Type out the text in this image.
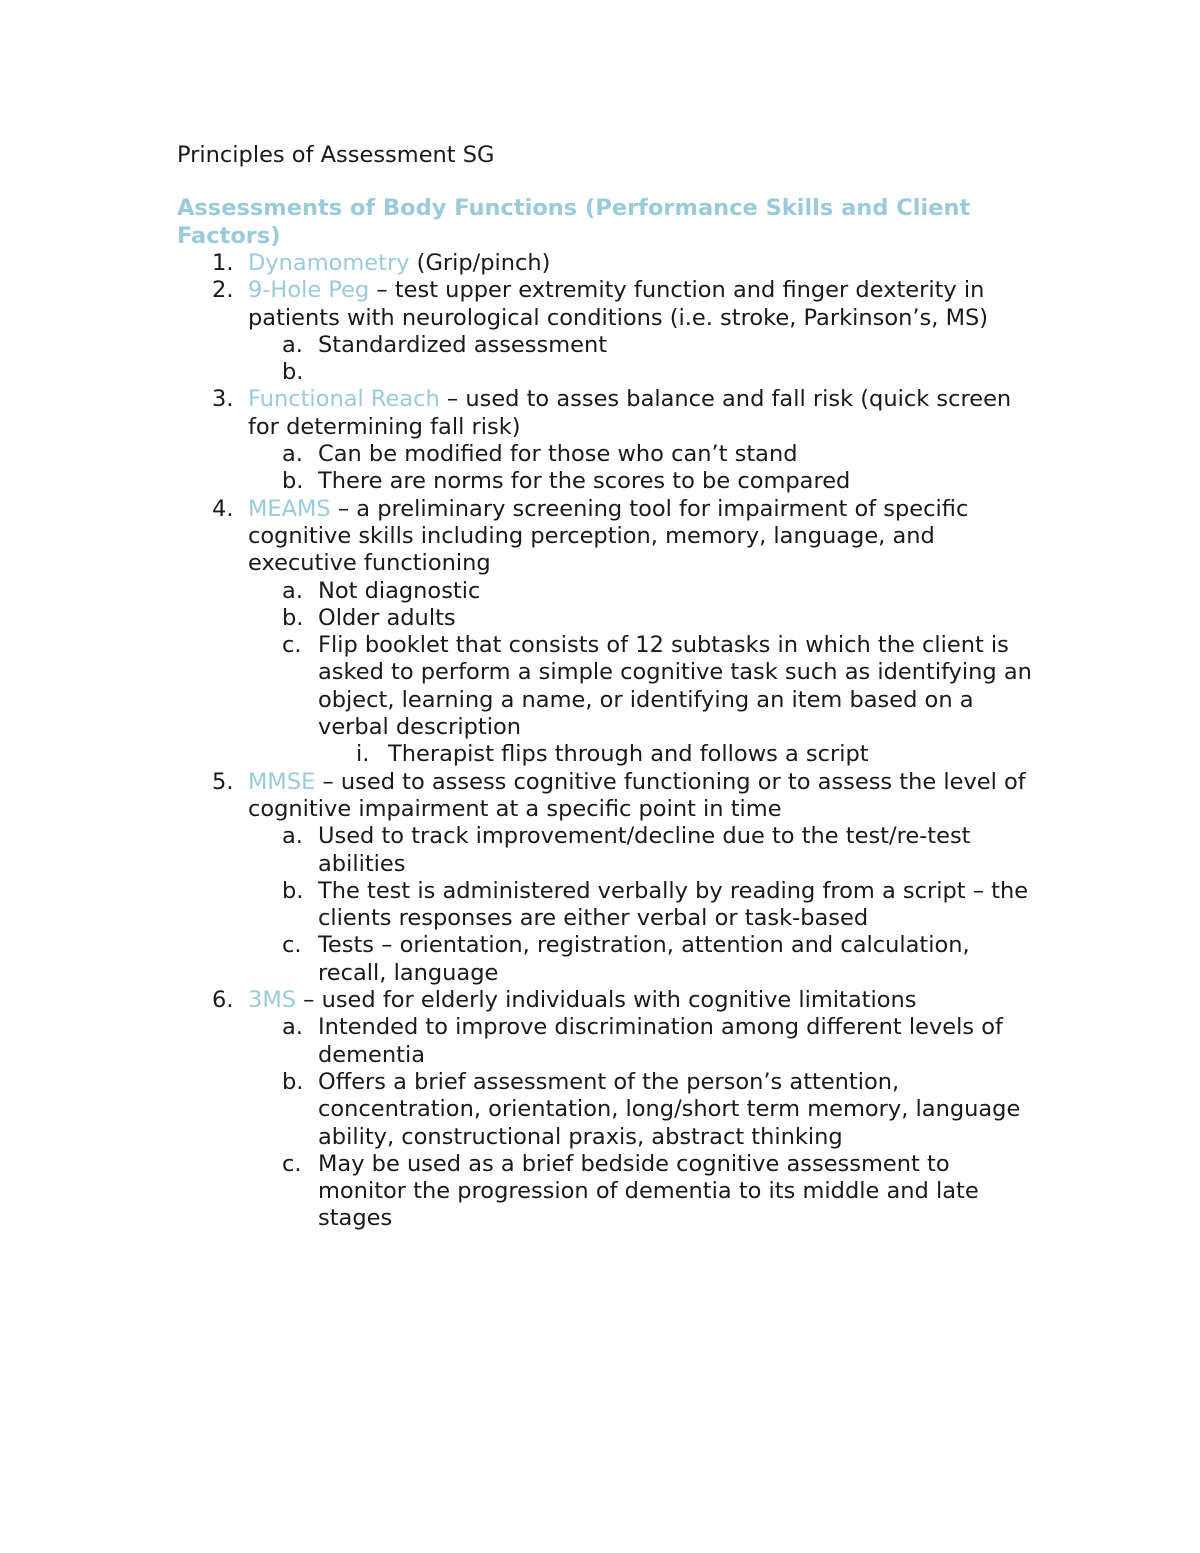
Principles of Assessment SG
Assessments of Body Functions (Performance Skills and Client Factors)
1. Dynamometry (Grip/pinch)
2. 9-Hole Peg – test upper extremity function and finger dexterity in patients with neurological conditions (i.e. stroke, Parkinson’s, MS)
a. Standardized assessment
b.
3. Functional Reach – used to asses balance and fall risk (quick screen for determining fall risk)
a. Can be modified for those who can’t stand
b. There are norms for the scores to be compared
4. MEAMS – a preliminary screening tool for impairment of specific cognitive skills including perception, memory, language, and executive functioning
a. Not diagnostic
b. Older adults
c. Flip booklet that consists of 12 subtasks in which the client is asked to perform a simple cognitive task such as identifying an object, learning a name, or identifying an item based on a verbal description
i. Therapist flips through and follows a script
5. MMSE – used to assess cognitive functioning or to assess the level of cognitive impairment at a specific point in time
a. Used to track improvement/decline due to the test/re-test abilities
b. The test is administered verbally by reading from a script – the clients responses are either verbal or task-based
c. Tests – orientation, registration, attention and calculation, recall, language
6. 3MS – used for elderly individuals with cognitive limitations
a. Intended to improve discrimination among different levels of dementia
b. Offers a brief assessment of the person’s attention, concentration, orientation, long/short term memory, language ability, constructional praxis, abstract thinking
c. May be used as a brief bedside cognitive assessment to monitor the progression of dementia to its middle and late stages
